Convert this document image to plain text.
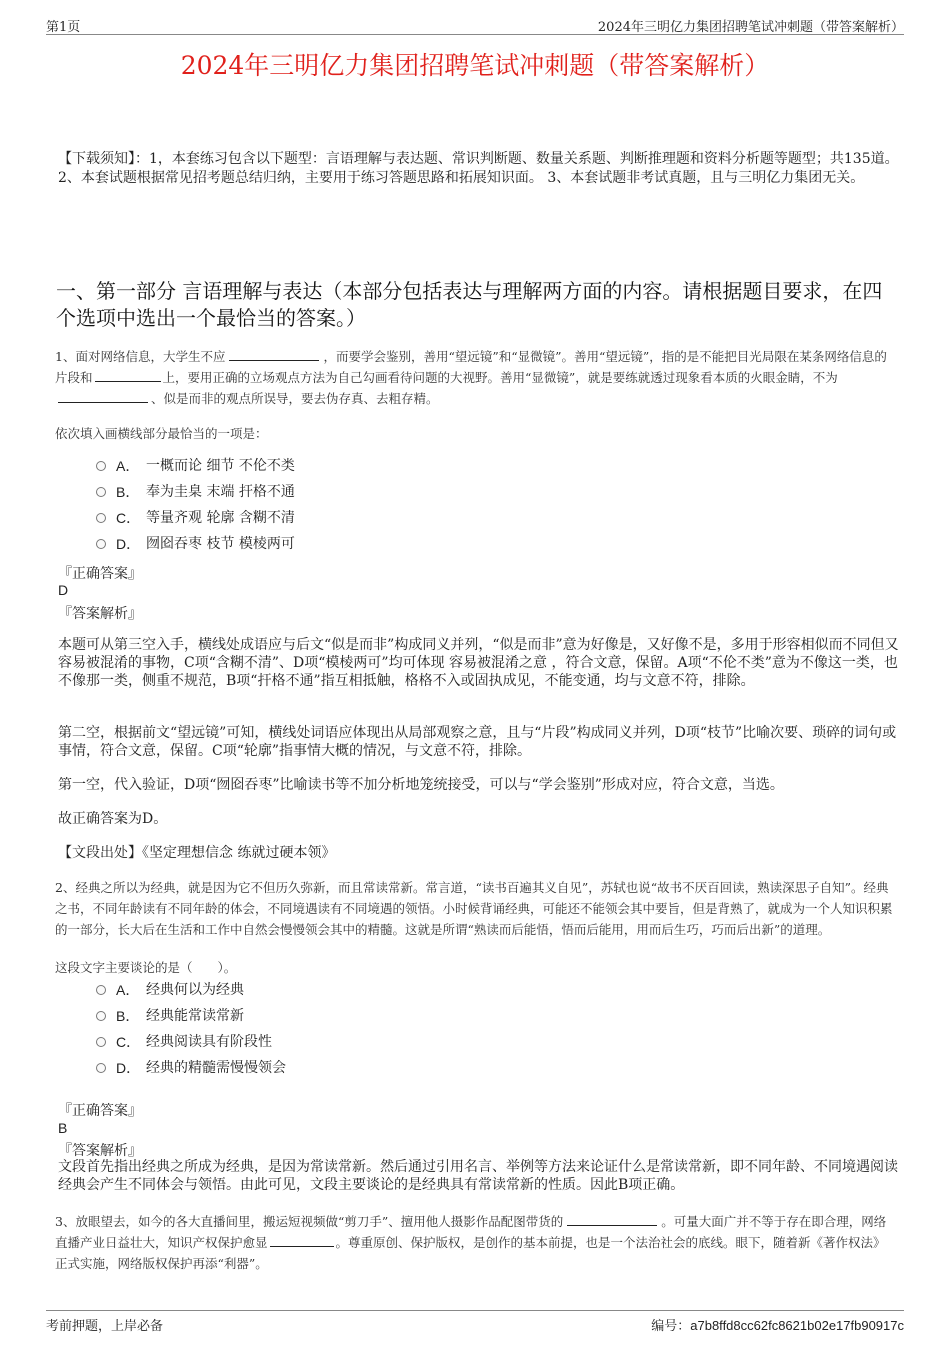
第1页	2024年三明亿力集团招聘笔试冲刺题（带答案解析）
2024年三明亿力集团招聘笔试冲刺题（带答案解析）
【下载须知】：1，本套练习包含以下题型：言语理解与表达题、常识判断题、数量关系题、判断推理题和资料分析题等题型；共135道。 2、本套试题根据常见招考题总结归纳，主要用于练习答题思路和拓展知识面。 3、本套试题非考试真题，且与三明亿力集团无关。
一、第一部分 言语理解与表达（本部分包括表达与理解两方面的内容。请根据题目要求，在四个选项中选出一个最恰当的答案。）
1、面对网络信息，大学生不应	，而要学会鉴别，善用“望远镜”和“显微镜”。善用“望远镜”，指的是不能把目光局限在某条网络信息的片段和	上，要用正确的立场观点方法为自己勾画看待问题的大视野。善用“显微镜”，就是要练就透过现象看本质的火眼金睛，不为、似是而非的观点所误导，要去伪存真、去粗存精。
依次填入画横线部分最恰当的一项是：
A． 一概而论 细节 不伦不类
B． 奉为圭臬 末端 扞格不通
C． 等量齐观 轮廓 含糊不清
D． 囫囵吞枣 枝节 模棱两可
『正确答案』
D
『答案解析』
本题可从第三空入手，横线处成语应与后文“似是而非”构成同义并列，“似是而非”意为好像是，又好像不是，多用于形容相似而不同但又容易被混淆的事物，C项“含糊不清”、D项“模棱两可”均可体现 容易被混淆之意 ，符合文意，保留。A项“不伦不类”意为不像这一类，也不像那一类，侧重不规范，B项“扞格不通”指互相抵触，格格不入或固执成见，不能变通，均与文意不符，排除。
第二空，根据前文“望远镜”可知，横线处词语应体现出从局部观察之意，且与“片段”构成同义并列，D项“枝节”比喻次要、琐碎的词句或事情，符合文意，保留。C项“轮廓”指事情大概的情况，与文意不符，排除。
第一空，代入验证，D项“囫囵吞枣”比喻读书等不加分析地笼统接受，可以与“学会鉴别”形成对应，符合文意，当选。
故正确答案为D。
【文段出处】《坚定理想信念 练就过硬本领》
2、经典之所以为经典，就是因为它不但历久弥新，而且常读常新。常言道，“读书百遍其义自见”，苏轼也说“故书不厌百回读，熟读深思子自知”。经典之书，不同年龄读有不同年龄的体会，不同境遇读有不同境遇的领悟。小时候背诵经典，可能还不能领会其中要旨，但是背熟了，就成为一个人知识积累的一部分，长大后在生活和工作中自然会慢慢领会其中的精髓。这就是所谓“熟读而后能悟，悟而后能用，用而后生巧，巧而后出新”的道理。
这段文字主要谈论的是（　　）。
A． 经典何以为经典
B． 经典能常读常新
C． 经典阅读具有阶段性
D． 经典的精髓需慢慢领会
『正确答案』
B
『答案解析』
文段首先指出经典之所成为经典，是因为常读常新。然后通过引用名言、举例等方法来论证什么是常读常新，即不同年龄、不同境遇阅读经典会产生不同体会与领悟。由此可见，文段主要谈论的是经典具有常读常新的性质。因此B项正确。
3、放眼望去，如今的各大直播间里，搬运短视频做“剪刀手”、擅用他人摄影作品配图带货的	。可量大面广并不等于存在即合理，网络直播产业日益壮大，知识产权保护愈显	。尊重原创、保护版权，是创作的基本前提，也是一个法治社会的底线。眼下，随着新《著作权法》正式实施，网络版权保护再添“利器”。
考前押题，上岸必备	编号：a7b8ffd8cc62fc8621b02e17fb90917c
